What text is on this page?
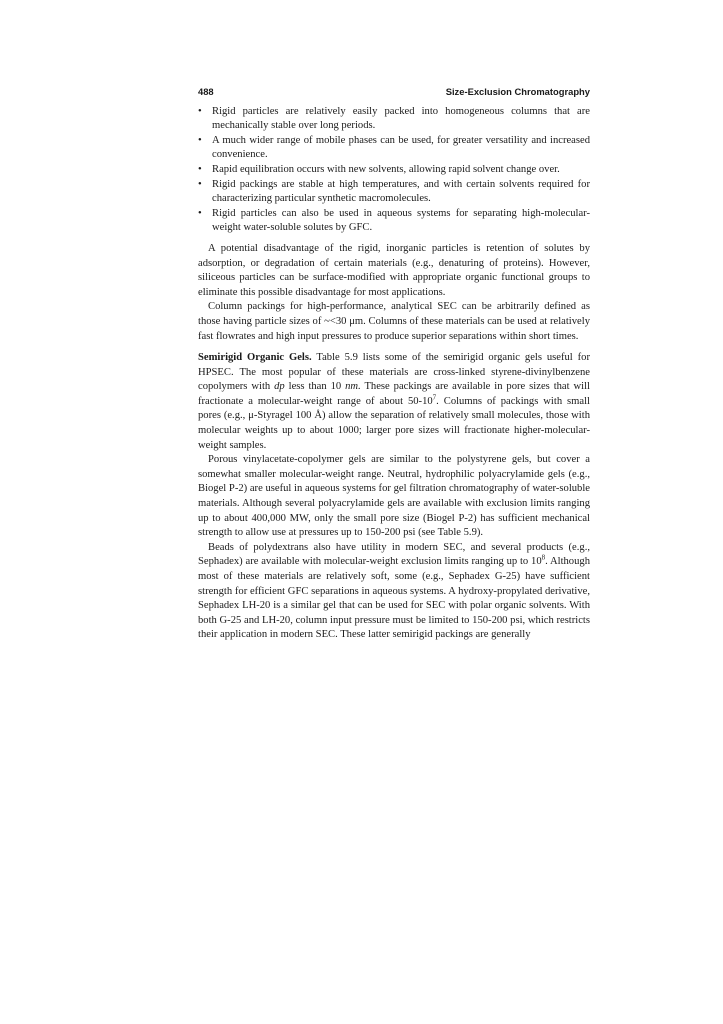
488	Size-Exclusion Chromatography
• Rigid particles are relatively easily packed into homogeneous columns that are mechanically stable over long periods.
• A much wider range of mobile phases can be used, for greater versatility and increased convenience.
• Rapid equilibration occurs with new solvents, allowing rapid solvent change over.
• Rigid packings are stable at high temperatures, and with certain solvents required for characterizing particular synthetic macromolecules.
• Rigid particles can also be used in aqueous systems for separating high-molecular-weight water-soluble solutes by GFC.

A potential disadvantage of the rigid, inorganic particles is retention of solutes by adsorption, or degradation of certain materials (e.g., denaturing of proteins). However, siliceous particles can be surface-modified with appropriate organic functional groups to eliminate this possible disadvantage for most applications.

Column packings for high-performance, analytical SEC can be arbitrarily defined as those having particle sizes of ~<30 μm. Columns of these materials can be used at relatively fast flowrates and high input pressures to produce superior separations within short times.

Semirigid Organic Gels. Table 5.9 lists some of the semirigid organic gels useful for HPSEC. The most popular of these materials are cross-linked styrene-divinylbenzene copolymers with dp less than 10 nm. These packings are available in pore sizes that will fractionate a molecular-weight range of about $50-10^7$. Columns of packings with small pores (e.g., μ-Styragel 100 Å) allow the separation of relatively small molecules, those with molecular weights up to about 1000; larger pore sizes will fractionate higher-molecular-weight samples.

Porous vinylacetate-copolymer gels are similar to the polystyrene gels, but cover a somewhat smaller molecular-weight range. Neutral, hydrophilic polyacrylamide gels (e.g., Biogel P-2) are useful in aqueous systems for gel filtration chromatography of water-soluble materials. Although several polyacrylamide gels are available with exclusion limits ranging up to about 400,000 MW, only the small pore size (Biogel P-2) has sufficient mechanical strength to allow use at pressures up to 150-200 psi (see Table 5.9).

Beads of polydextrans also have utility in modern SEC, and several products (e.g., Sephadex) are available with molecular-weight exclusion limits ranging up to $10^8$. Although most of these materials are relatively soft, some (e.g., Sephadex G-25) have sufficient strength for efficient GFC separations in aqueous systems. A hydroxy-propylated derivative, Sephadex LH-20 is a similar gel that can be used for SEC with polar organic solvents. With both G-25 and LH-20, column input pressure must be limited to 150-200 psi, which restricts their application in modern SEC. These latter semirigid packings are generally
